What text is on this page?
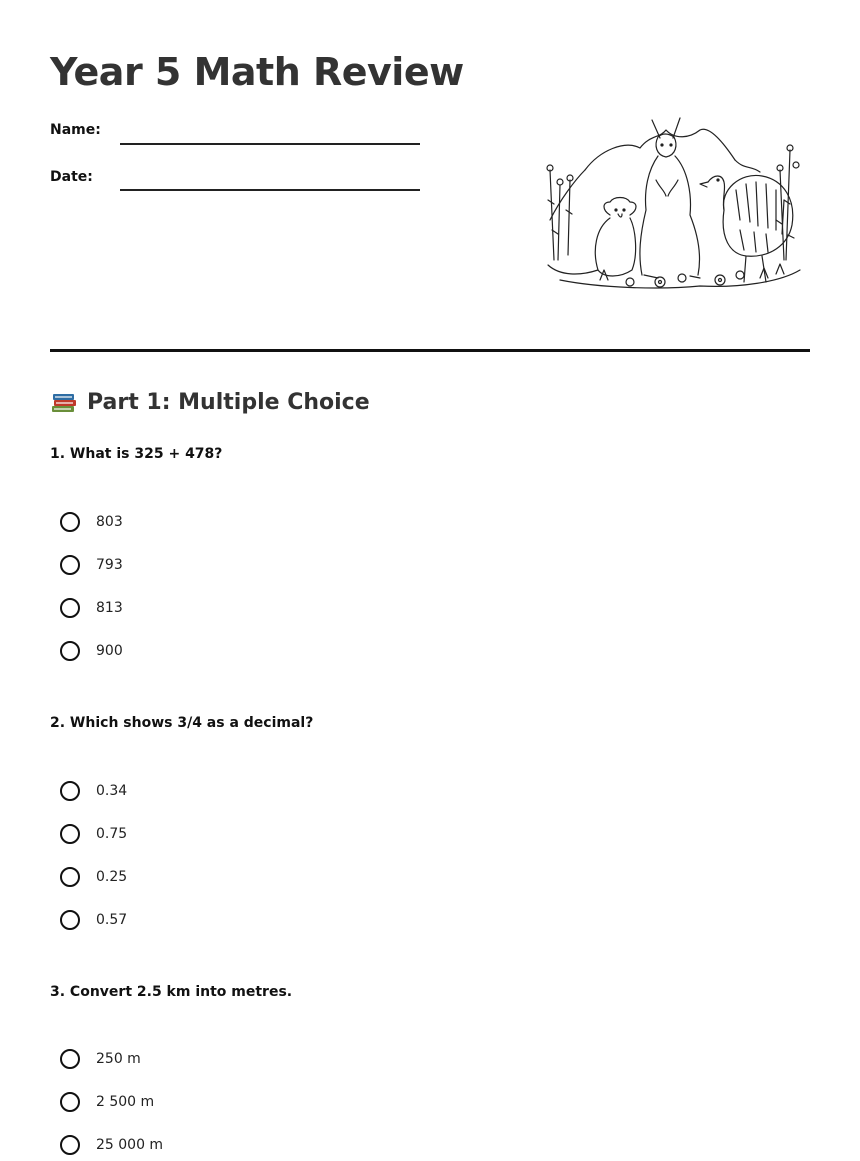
Year 5 Math Review
Name:
Date:
Part 1: Multiple Choice
1. What is 325 + 478?
803
793
813
900
2. Which shows 3/4 as a decimal?
0.34
0.75
0.25
0.57
3. Convert 2.5 km into metres.
250 m
2 500 m
25 000 m
